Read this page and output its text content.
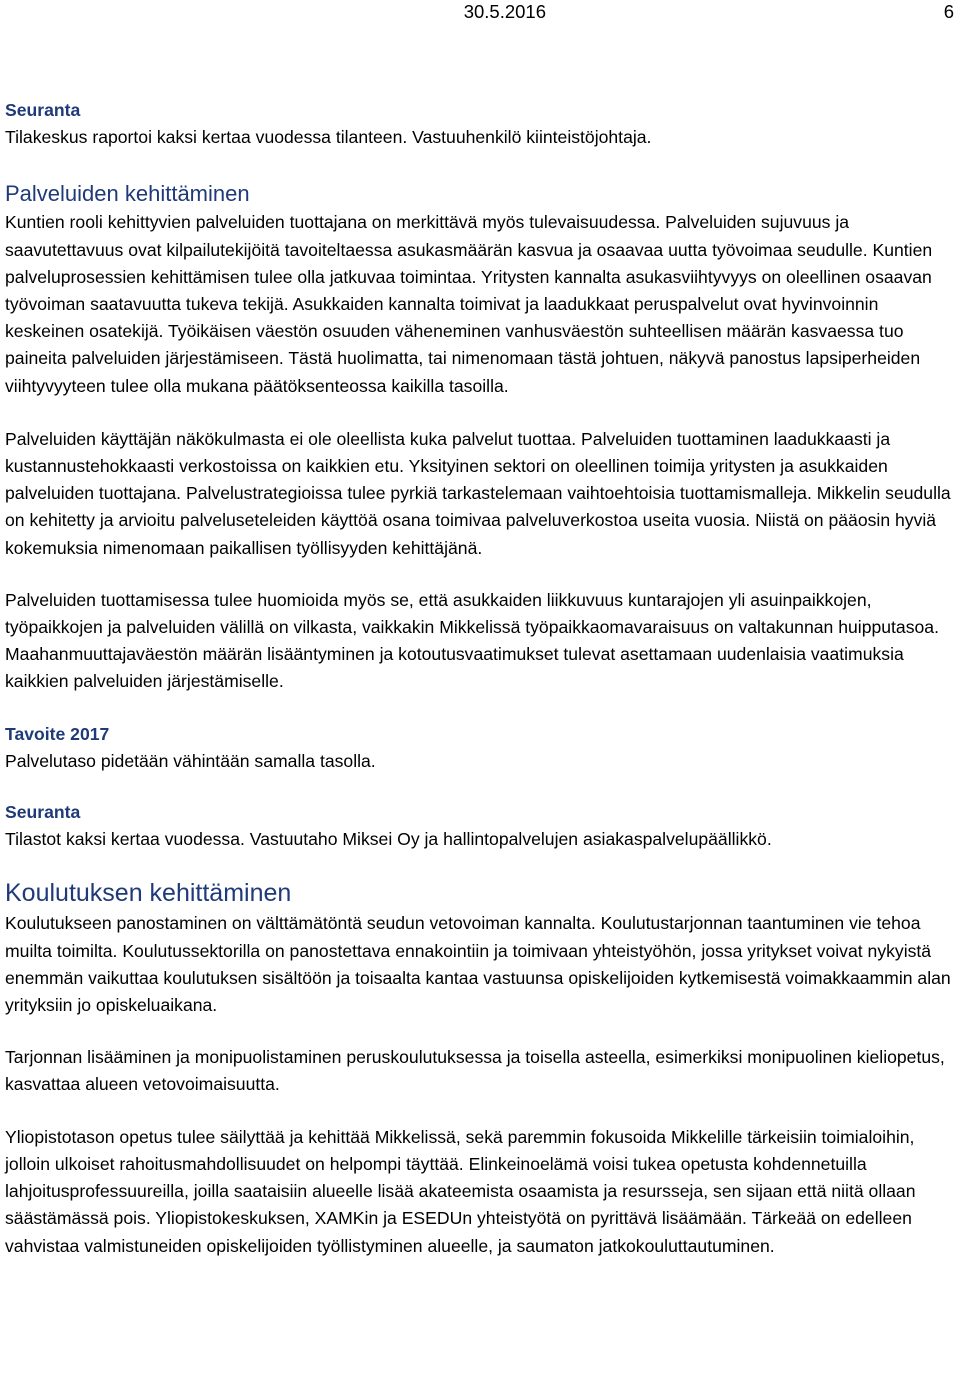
30.5.2016	6
Seuranta
Tilakeskus raportoi kaksi kertaa vuodessa tilanteen. Vastuuhenkilö kiinteistöjohtaja.
Palveluiden kehittäminen
Kuntien rooli kehittyvien palveluiden tuottajana on merkittävä myös tulevaisuudessa. Palveluiden sujuvuus ja saavutettavuus ovat kilpailutekijöitä tavoiteltaessa asukasmäärän kasvua ja osaavaa uutta työvoimaa seudulle. Kuntien palveluprosessien kehittämisen tulee olla jatkuvaa toimintaa. Yritysten kannalta asukasviihtyvyys on oleellinen osaavan työvoiman saatavuutta tukeva tekijä. Asukkaiden kannalta toimivat ja laadukkaat peruspalvelut ovat hyvinvoinnin keskeinen osatekijä. Työikäisen väestön osuuden väheneminen vanhusväestön suhteellisen määrän kasvaessa tuo paineita palveluiden järjestämiseen. Tästä huolimatta, tai nimenomaan tästä johtuen, näkyvä panostus lapsiperheiden viihtyvyyteen tulee olla mukana päätöksenteossa kaikilla tasoilla.
Palveluiden käyttäjän näkökulmasta ei ole oleellista kuka palvelut tuottaa. Palveluiden tuottaminen laadukkaasti ja kustannustehokkaasti verkostoissa on kaikkien etu. Yksityinen sektori on oleellinen toimija yritysten ja asukkaiden palveluiden tuottajana. Palvelustrategioissa tulee pyrkiä tarkastelemaan vaihtoehtoisia tuottamismalleja. Mikkelin seudulla on kehitetty ja arvioitu palveluseteleiden käyttöä osana toimivaa palveluverkostoa useita vuosia. Niistä on pääosin hyviä kokemuksia nimenomaan paikallisen työllisyyden kehittäjänä.
Palveluiden tuottamisessa tulee huomioida myös se, että asukkaiden liikkuvuus kuntarajojen yli asuinpaikkojen, työpaikkojen ja palveluiden välillä on vilkasta, vaikkakin Mikkelissä työpaikkaomavaraisuus on valtakunnan huipputasoa. Maahanmuuttajaväestön määrän lisääntyminen ja kotoutusvaatimukset tulevat asettamaan uudenlaisia vaatimuksia kaikkien palveluiden järjestämiselle.
Tavoite 2017
Palvelutaso pidetään vähintään samalla tasolla.
Seuranta
Tilastot kaksi kertaa vuodessa. Vastuutaho Miksei Oy ja hallintopalvelujen asiakaspalvelupäällikkö.
Koulutuksen kehittäminen
Koulutukseen panostaminen on välttämätöntä seudun vetovoiman kannalta. Koulutustarjonnan taantuminen vie tehoa muilta toimilta. Koulutussektorilla on panostettava ennakointiin ja toimivaan yhteistyöhön, jossa yritykset voivat nykyistä enemmän vaikuttaa koulutuksen sisältöön ja toisaalta kantaa vastuunsa opiskelijoiden kytkemisestä voimakkaammin alan yrityksiin jo opiskeluaikana.
Tarjonnan lisääminen ja monipuolistaminen peruskoulutuksessa ja toisella asteella, esimerkiksi monipuolinen kieliopetus, kasvattaa alueen vetovoimaisuutta.
Yliopistotason opetus tulee säilyttää ja kehittää Mikkelissä, sekä paremmin fokusoida Mikkelille tärkeisiin toimialoihin, jolloin ulkoiset rahoitusmahdollisuudet on helpompi täyttää. Elinkeinoelämä voisi tukea opetusta kohdennetuilla lahjoitusprofessuureilla, joilla saataisiin alueelle lisää akateemista osaamista ja resursseja, sen sijaan että niitä ollaan säästämässä pois. Yliopistokeskuksen, XAMKin ja ESEDUn yhteistyötä on pyrittävä lisäämään. Tärkeää on edelleen vahvistaa valmistuneiden opiskelijoiden työllistyminen alueelle, ja saumaton jatkokouluttautuminen.
